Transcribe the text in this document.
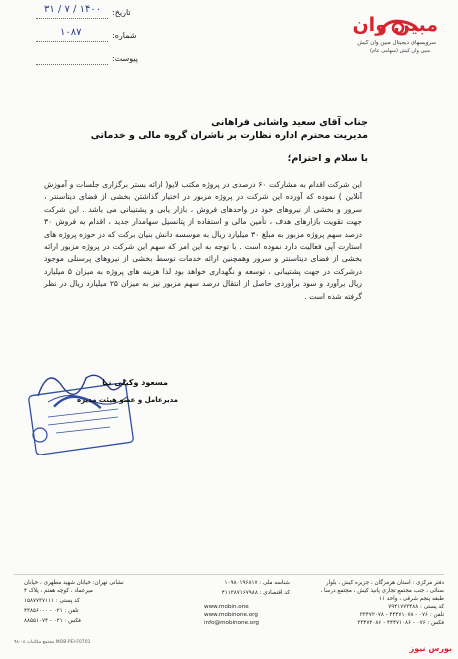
مبین وان
سرویسهای دیجیتال مبین وان کیش
مبین وان کیش (سهامی عام)
تاریخ:
۱۴۰۰ / ۷ / ۳۱
شماره:
۱۰۸۷
پیوست:
جناب آقای سعید واشانی فراهانی
مدیریت محترم اداره نظارت بر ناشران گروه مالی و خدماتی
با سلام و احترام؛
این شرکت اقدام به مشارکت ۶۰ درصدی در پروژه مکتب لایو( ارائه بستر برگزاری جلسات و آموزش آنلاین ) نموده که آورده این شرکت در پروژه مزبور در اختیار گذاشتن بخشی از فضای دیتاسنتر ، سرور و بخشی از نیروهای خود در واحدهای فروش ، بازار یابی و پشتیبانی می باشد . این شرکت جهت تقویت بازارهای هدف ، تأمین مالی و استفاده از پتانسیل سهامدار جدید ، اقدام به فروش ۳۰ درصد سهم پروژه مزبور به مبلغ ۳۰ میلیارد ریال به موسسه دانش بنیان برکت که در حوزه پروژه های استارت آپی فعالیت دارد نموده است . با توجه به این امر که سهم این شرکت در پروژه مزبور ارائه بخشی از فضای دیتاسنتر و سرور وهمچنین ارائه خدمات توسط بخشی از نیروهای پرسنلی موجود درشرکت در جهت پشتیبانی ، توسعه و نگهداری خواهد بود لذا هزینه های پروژه به میزان ۵ میلیارد ریال برآورد و سود برآوردی حاصل از انتقال درصد سهم مزبور نیز به میزان ۲۵ میلیارد ریال در نظر گرفته شده است .
مسعود وکیلی نیا
مدیرعامل و عضو هیئت مدیره
دفتر مرکزی : استان هرمزگان ، جزیره کیش ، بلوار
سنائی ، جنب مجتمع تجاری پانیذ کیش ، مجتمع درسا ،
طبقه پنجم شرقی ، واحد ۱۱
کد پستی : ۷۹۴۱۷۷۳۴۸۸
تلفن : ۰۷۶ - ۴۴۴۷۱۰۷۸ - ۳۳۴۷۲۰۷۸
فکس : ۰۷۶ - ۴۴۴۷۱۰۸۶ - ۳۳۴۷۲۰۸۶
شناسه ملی : ۱۰۹۸۰۱۹۶۸۱۷
کد اقتصادی : ۴۱۱۳۸۷۱۶۷۹۸۸
www.mobin.one
www.mobinone.org
info@mobinone.org
نشانی تهران: خیابان شهید مطهری ، خیابان
میرعماد ، کوچه هفتم ، پلاک ۴
کد پستی : ۱۵۸۷۷۳۷۱۱۱
تلفن : ۰۲۱ - ۴۳۸۵۶۰۰۰
فکس : ۰۲۱ - ۸۸۵۵۱۰۷۴
MOB-PEI-F0701 مجتمع مکاتبات ۰۸-۹۸
بورس نیوز
